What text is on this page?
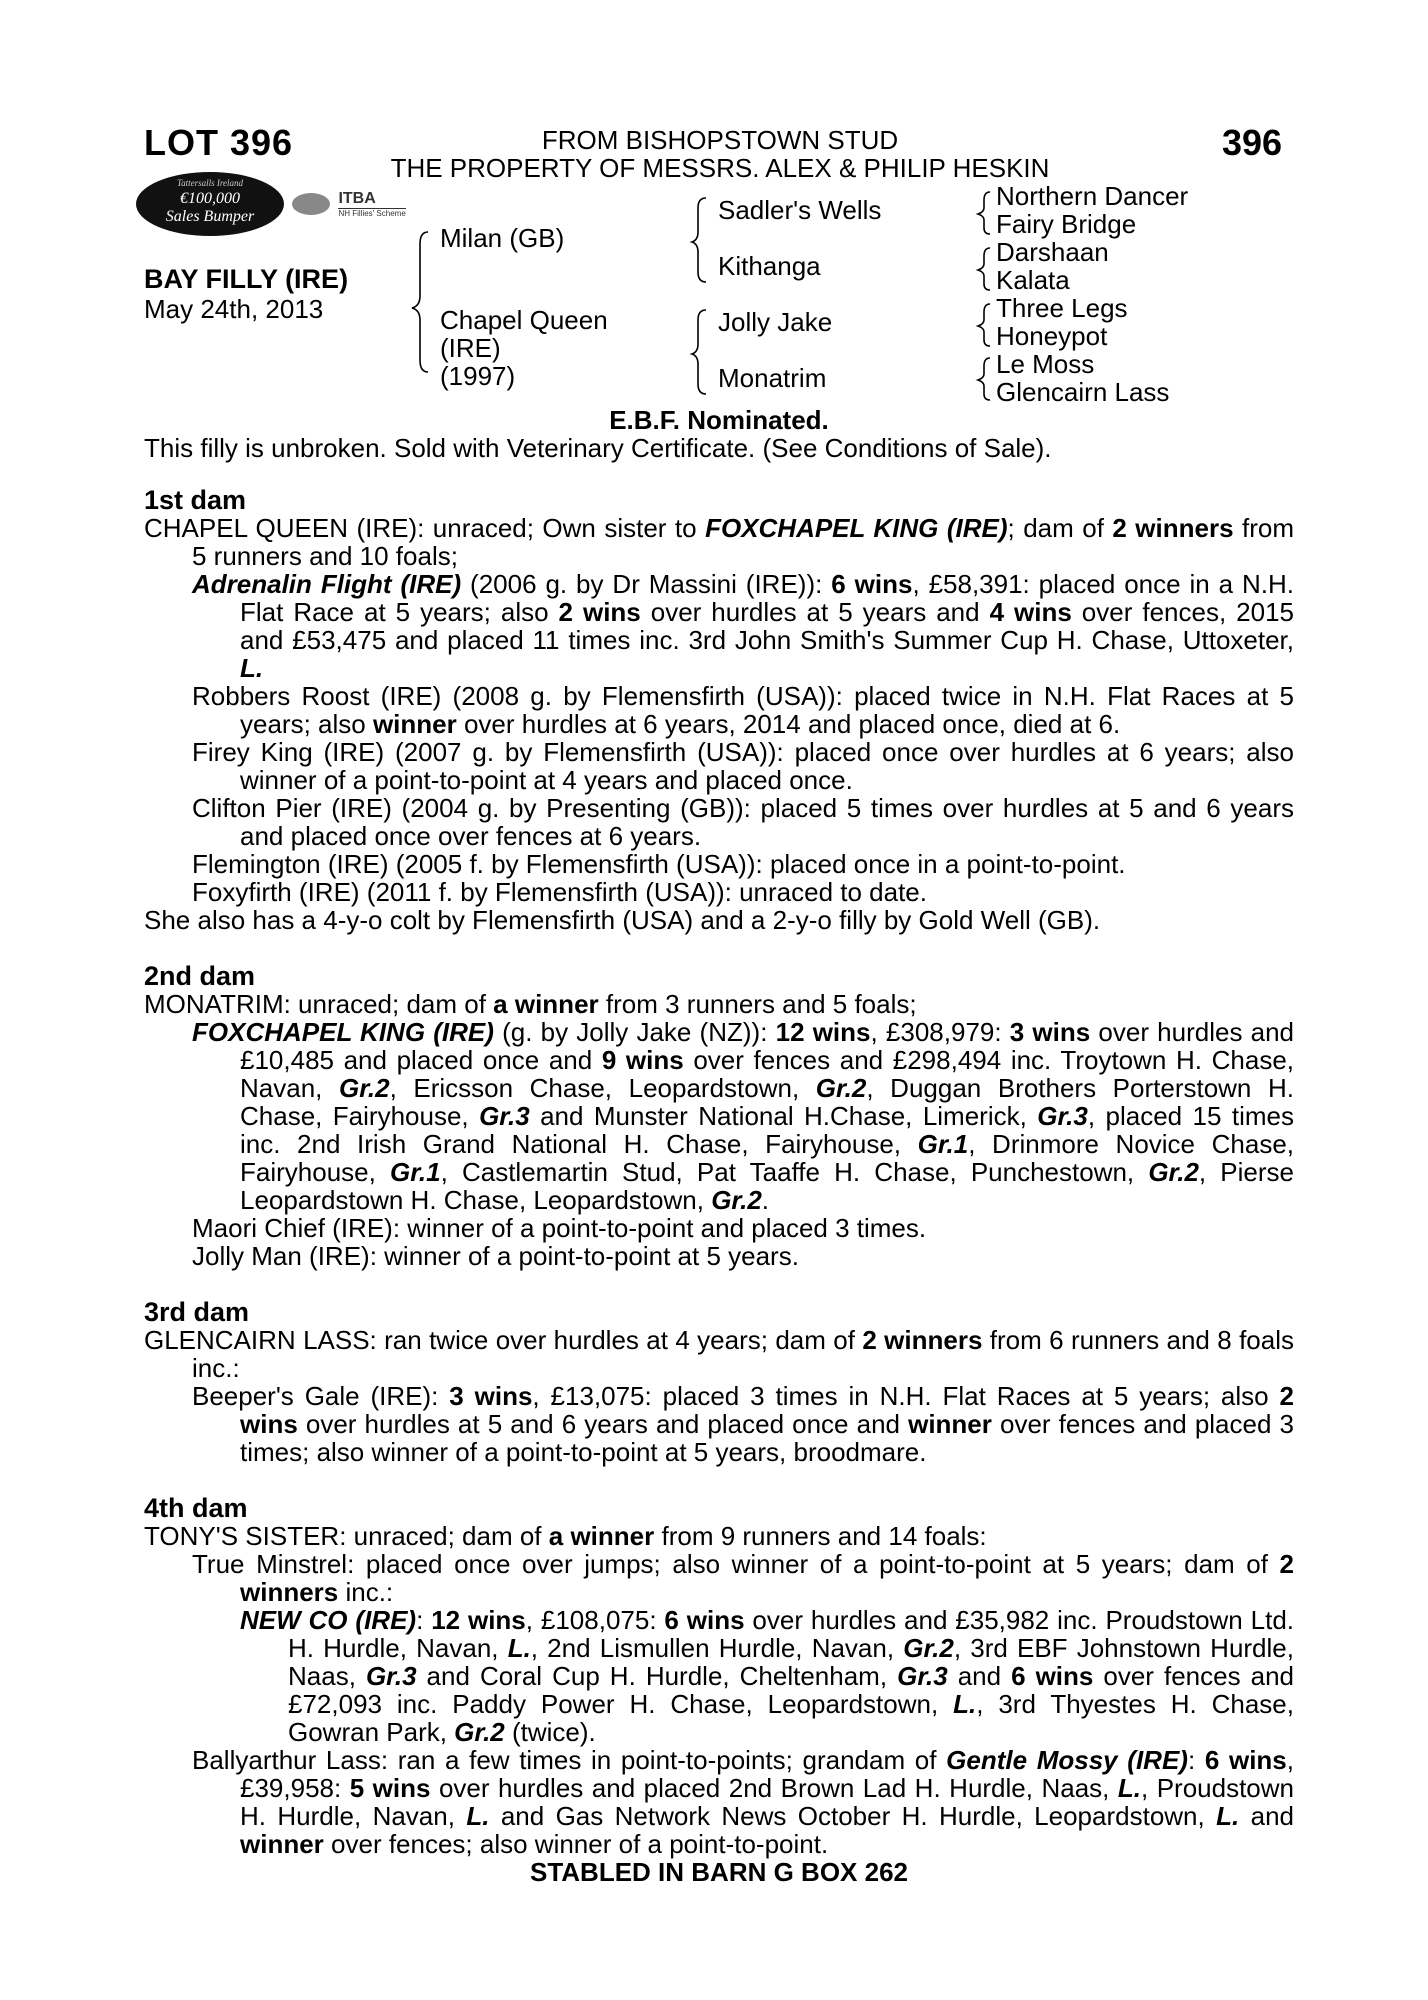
LOT 396	396
FROM BISHOPSTOWN STUD
THE PROPERTY OF MESSRS. ALEX & PHILIP HESKIN
Tattersalls Ireland
€100,000
Sales Bumper

ITBA
NH Fillies' Scheme
BAY FILLY (IRE)
May 24th, 2013
Milan (GB)
Chapel Queen
(IRE)
(1997)
Sadler's Wells
Kithanga
Jolly Jake
Monatrim
Northern Dancer
Fairy Bridge
Darshaan
Kalata
Three Legs
Honeypot
Le Moss
Glencairn Lass
E.B.F. Nominated.

This filly is unbroken. Sold with Veterinary Certificate. (See Conditions of Sale).

1st dam

CHAPEL QUEEN (IRE): unraced; Own sister to FOXCHAPEL KING (IRE); dam of 2 winners from 5 runners and 10 foals;

Adrenalin Flight (IRE) (2006 g. by Dr Massini (IRE)): 6 wins, £58,391: placed once in a N.H. Flat Race at 5 years; also 2 wins over hurdles at 5 years and 4 wins over fences, 2015 and £53,475 and placed 11 times inc. 3rd John Smith's Summer Cup H. Chase, Uttoxeter, L.

Robbers Roost (IRE) (2008 g. by Flemensfirth (USA)): placed twice in N.H. Flat Races at 5 years; also winner over hurdles at 6 years, 2014 and placed once, died at 6.

Firey King (IRE) (2007 g. by Flemensfirth (USA)): placed once over hurdles at 6 years; also winner of a point-to-point at 4 years and placed once.

Clifton Pier (IRE) (2004 g. by Presenting (GB)): placed 5 times over hurdles at 5 and 6 years and placed once over fences at 6 years.

Flemington (IRE) (2005 f. by Flemensfirth (USA)): placed once in a point-to-point.

Foxyfirth (IRE) (2011 f. by Flemensfirth (USA)): unraced to date.

She also has a 4-y-o colt by Flemensfirth (USA) and a 2-y-o filly by Gold Well (GB).

2nd dam

MONATRIM: unraced; dam of a winner from 3 runners and 5 foals;

FOXCHAPEL KING (IRE) (g. by Jolly Jake (NZ)): 12 wins, £308,979: 3 wins over hurdles and £10,485 and placed once and 9 wins over fences and £298,494 inc. Troytown H. Chase, Navan, Gr.2, Ericsson Chase, Leopardstown, Gr.2, Duggan Brothers Porterstown H. Chase, Fairyhouse, Gr.3 and Munster National H.Chase, Limerick, Gr.3, placed 15 times inc. 2nd Irish Grand National H. Chase, Fairyhouse, Gr.1, Drinmore Novice Chase, Fairyhouse, Gr.1, Castlemartin Stud, Pat Taaffe H. Chase, Punchestown, Gr.2, Pierse Leopardstown H. Chase, Leopardstown, Gr.2.

Maori Chief (IRE): winner of a point-to-point and placed 3 times.

Jolly Man (IRE): winner of a point-to-point at 5 years.

3rd dam

GLENCAIRN LASS: ran twice over hurdles at 4 years; dam of 2 winners from 6 runners and 8 foals inc.:

Beeper's Gale (IRE): 3 wins, £13,075: placed 3 times in N.H. Flat Races at 5 years; also 2 wins over hurdles at 5 and 6 years and placed once and winner over fences and placed 3 times; also winner of a point-to-point at 5 years, broodmare.

4th dam

TONY'S SISTER: unraced; dam of a winner from 9 runners and 14 foals:

True Minstrel: placed once over jumps; also winner of a point-to-point at 5 years; dam of 2 winners inc.:

NEW CO (IRE): 12 wins, £108,075: 6 wins over hurdles and £35,982 inc. Proudstown Ltd. H. Hurdle, Navan, L., 2nd Lismullen Hurdle, Navan, Gr.2, 3rd EBF Johnstown Hurdle, Naas, Gr.3 and Coral Cup H. Hurdle, Cheltenham, Gr.3 and 6 wins over fences and £72,093 inc. Paddy Power H. Chase, Leopardstown, L., 3rd Thyestes H. Chase, Gowran Park, Gr.2 (twice).

Ballyarthur Lass: ran a few times in point-to-points; grandam of Gentle Mossy (IRE): 6 wins, £39,958: 5 wins over hurdles and placed 2nd Brown Lad H. Hurdle, Naas, L., Proudstown H. Hurdle, Navan, L. and Gas Network News October H. Hurdle, Leopardstown, L. and winner over fences; also winner of a point-to-point.

STABLED IN BARN G BOX 262
